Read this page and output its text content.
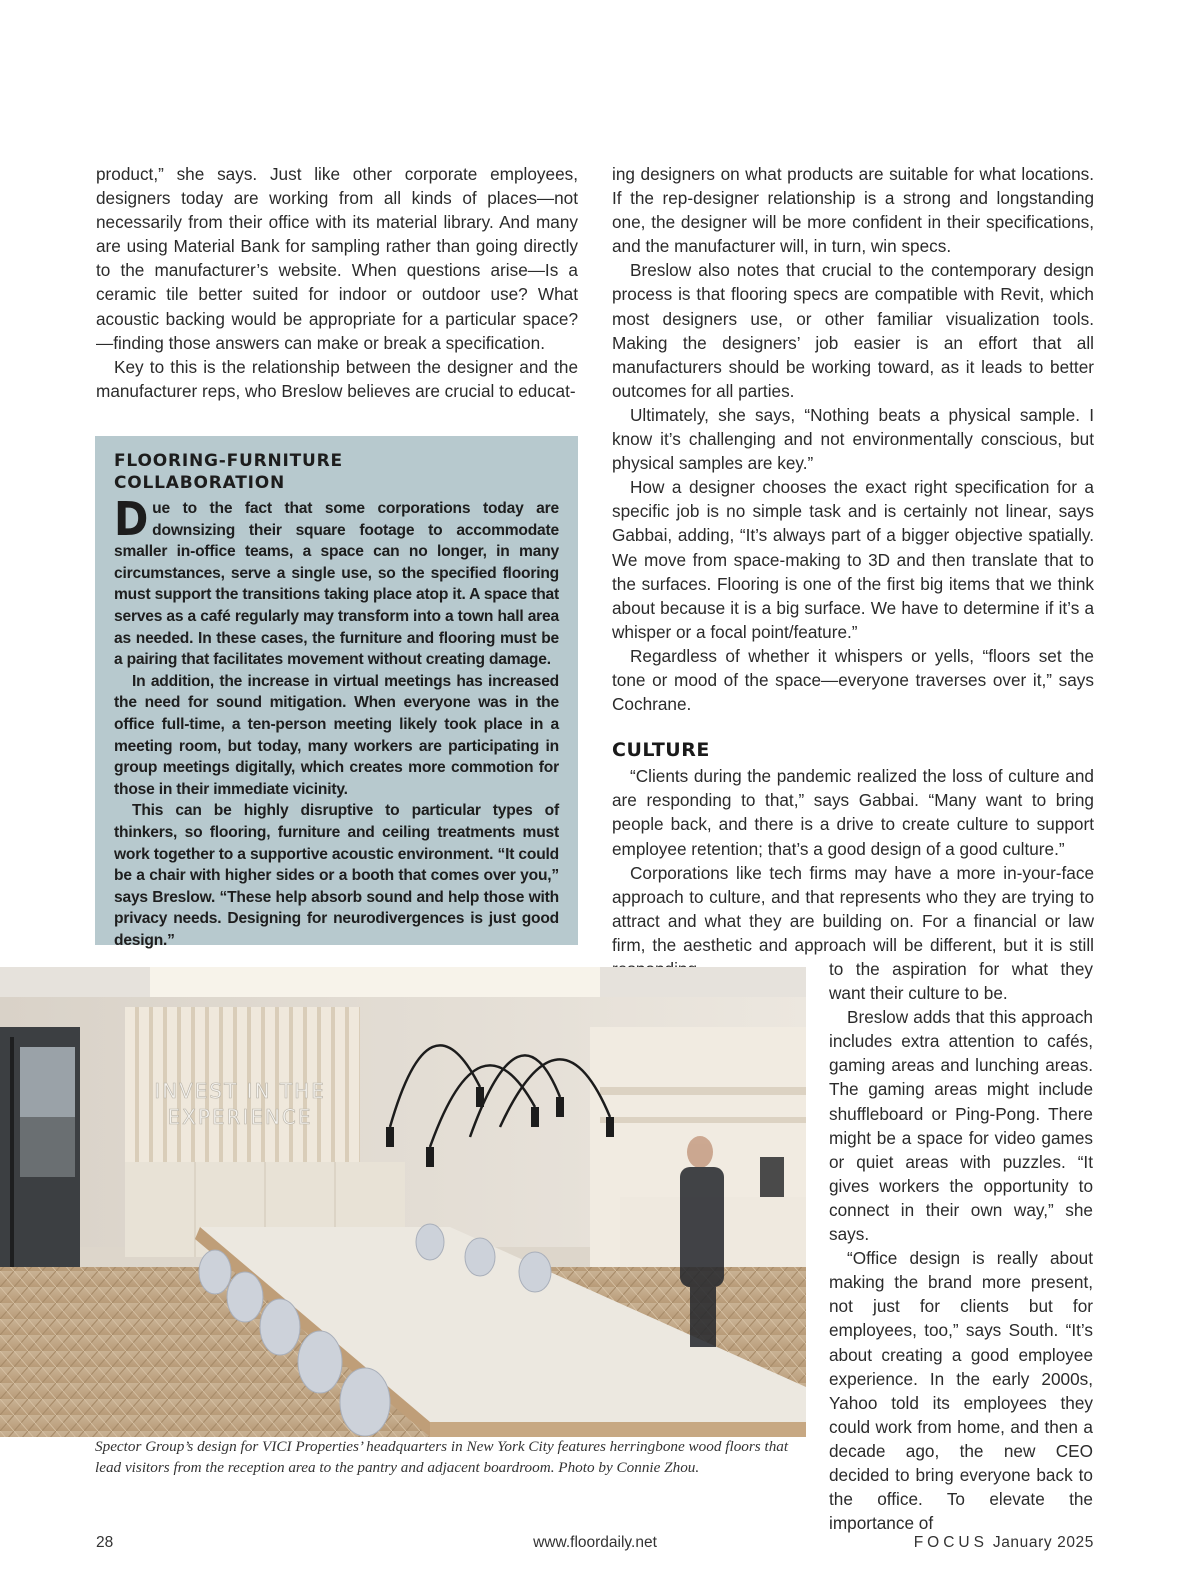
product,” she says. Just like other corporate employees, designers today are working from all kinds of places—not necessarily from their office with its material library. And many are using Material Bank for sampling rather than going directly to the manufacturer’s website. When questions arise—Is a ceramic tile better suited for indoor or outdoor use? What acoustic backing would be appropriate for a particular space?—finding those answers can make or break a specification.

Key to this is the relationship between the designer and the manufacturer reps, who Breslow believes are crucial to educat-

FLOORING-FURNITURE COLLABORATION

Due to the fact that some corporations today are downsizing their square footage to accommodate smaller in-office teams, a space can no longer, in many circumstances, serve a single use, so the specified flooring must support the transitions taking place atop it. A space that serves as a café regularly may transform into a town hall area as needed. In these cases, the furniture and flooring must be a pairing that facilitates movement without creating damage.

In addition, the increase in virtual meetings has increased the need for sound mitigation. When everyone was in the office full-time, a ten-person meeting likely took place in a meeting room, but today, many workers are participating in group meetings digitally, which creates more commotion for those in their immediate vicinity.

This can be highly disruptive to particular types of thinkers, so flooring, furniture and ceiling treatments must work together to a supportive acoustic environment. “It could be a chair with higher sides or a booth that comes over you,” says Breslow. “These help absorb sound and help those with privacy needs. Designing for neurodivergences is just good design.”

ing designers on what products are suitable for what locations. If the rep-designer relationship is a strong and longstanding one, the designer will be more confident in their specifications, and the manufacturer will, in turn, win specs.

Breslow also notes that crucial to the contemporary design process is that flooring specs are compatible with Revit, which most designers use, or other familiar visualization tools. Making the designers’ job easier is an effort that all manufacturers should be working toward, as it leads to better outcomes for all parties.

Ultimately, she says, “Nothing beats a physical sample. I know it’s challenging and not environmentally conscious, but physical samples are key.”

How a designer chooses the exact right specification for a specific job is no simple task and is certainly not linear, says Gabbai, adding, “It’s always part of a bigger objective spatially. We move from space-making to 3D and then translate that to the surfaces. Flooring is one of the first big items that we think about because it is a big surface. We have to determine if it’s a whisper or a focal point/feature.”

Regardless of whether it whispers or yells, “floors set the tone or mood of the space—everyone traverses over it,” says Cochrane.

CULTURE

“Clients during the pandemic realized the loss of culture and are responding to that,” says Gabbai. “Many want to bring people back, and there is a drive to create culture to support employee retention; that’s a good design of a good culture.”

Corporations like tech firms may have a more in-your-face approach to culture, and that represents who they are trying to attract and what they are building on. For a financial or law firm, the aesthetic and approach will be different, but it is still

to the aspiration for what they want their culture to be.

Breslow adds that this approach includes extra attention to cafés, gaming areas and lunching areas. The gaming areas might include shuffleboard or Ping-Pong. There might be a space for video games or quiet areas with puzzles. “It gives workers the opportunity to connect in their own way,” she says.

“Office design is really about making the brand more present, not just for clients but for employees, too,” says South. “It’s about creating a good employee experience. In the early 2000s, Yahoo told its employees they could work from home, and then a decade ago, the new CEO decided to bring everyone back to the office. To elevate the importance of

INVEST IN THE
EXPERIENCE
Spector Group’s design for VICI Properties’ headquarters in New York City features herringbone wood floors that lead visitors from the reception area to the pantry and adjacent boardroom. Photo by Connie Zhou.
28	www.floordaily.net	FOCUS January 2025
